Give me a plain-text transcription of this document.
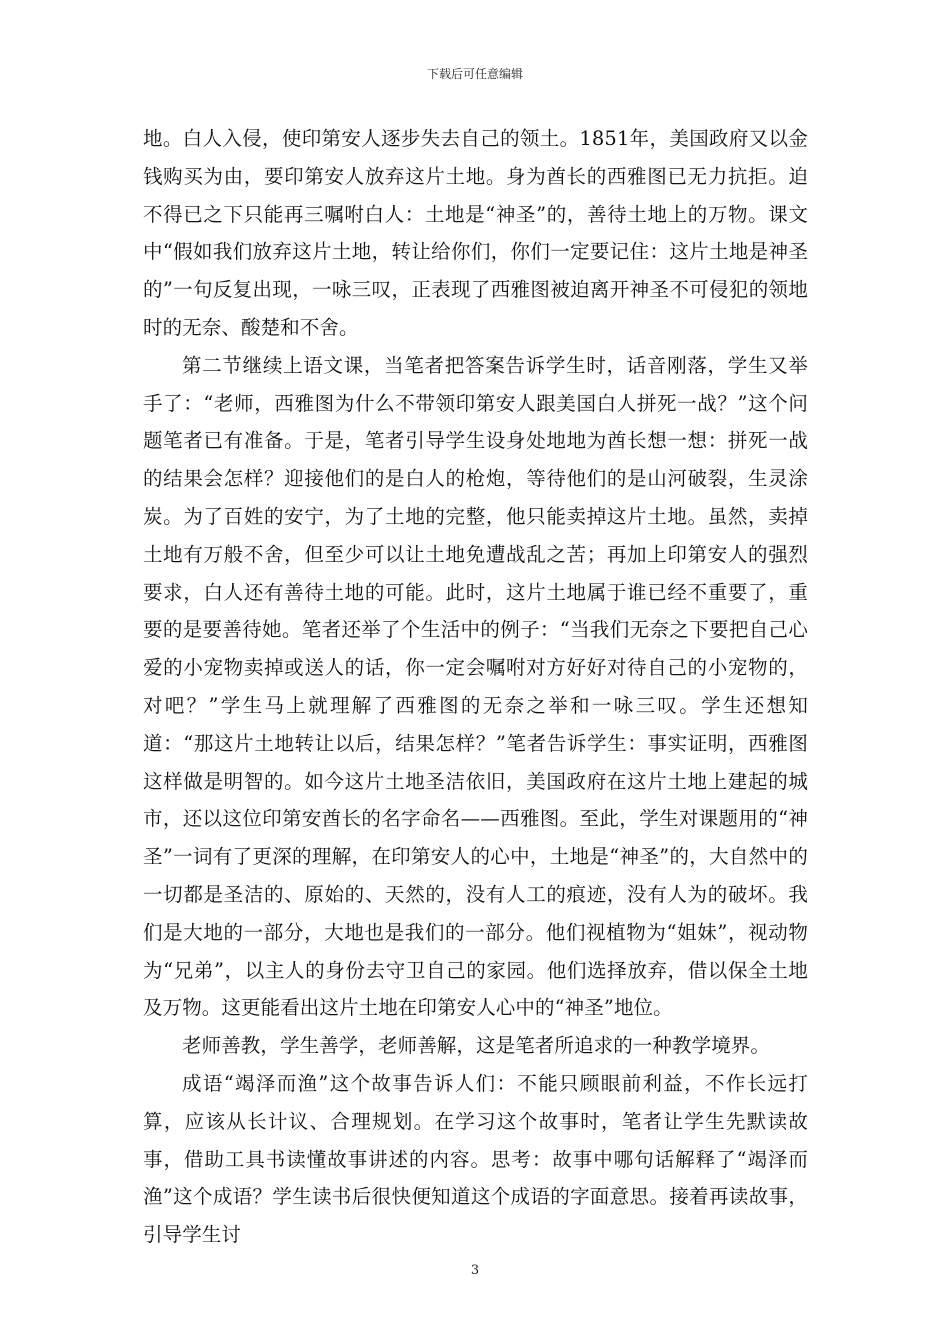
下载后可任意编辑

地。白人入侵，使印第安人逐步失去自己的领土。1851年，美国政府又以金钱购买为由，要印第安人放弃这片土地。身为酋长的西雅图已无力抗拒。迫不得已之下只能再三嘱咐白人：土地是“神圣”的，善待土地上的万物。课文中“假如我们放弃这片土地，转让给你们，你们一定要记住：这片土地是神圣的”一句反复出现，一咏三叹，正表现了西雅图被迫离开神圣不可侵犯的领地时的无奈、酸楚和不舍。

第二节继续上语文课，当笔者把答案告诉学生时，话音刚落，学生又举手了：“老师，西雅图为什么不带领印第安人跟美国白人拼死一战？”这个问题笔者已有准备。于是，笔者引导学生设身处地地为酋长想一想：拼死一战的结果会怎样？迎接他们的是白人的枪炮，等待他们的是山河破裂，生灵涂炭。为了百姓的安宁，为了土地的完整，他只能卖掉这片土地。虽然，卖掉土地有万般不舍，但至少可以让土地免遭战乱之苦；再加上印第安人的强烈要求，白人还有善待土地的可能。此时，这片土地属于谁已经不重要了，重要的是要善待她。笔者还举了个生活中的例子：“当我们无奈之下要把自己心爱的小宠物卖掉或送人的话，你一定会嘱咐对方好好对待自己的小宠物的，对吧？”学生马上就理解了西雅图的无奈之举和一咏三叹。学生还想知道：“那这片土地转让以后，结果怎样？”笔者告诉学生：事实证明，西雅图这样做是明智的。如今这片土地圣洁依旧，美国政府在这片土地上建起的城市，还以这位印第安酋长的名字命名——西雅图。至此，学生对课题用的“神圣”一词有了更深的理解，在印第安人的心中，土地是“神圣”的，大自然中的一切都是圣洁的、原始的、天然的，没有人工的痕迹，没有人为的破坏。我们是大地的一部分，大地也是我们的一部分。他们视植物为“姐妹”，视动物为“兄弟”，以主人的身份去守卫自己的家园。他们选择放弃，借以保全土地及万物。这更能看出这片土地在印第安人心中的“神圣”地位。

老师善教，学生善学，老师善解，这是笔者所追求的一种教学境界。

成语“竭泽而渔”这个故事告诉人们：不能只顾眼前利益，不作长远打算，应该从长计议、合理规划。在学习这个故事时，笔者让学生先默读故事，借助工具书读懂故事讲述的内容。思考：故事中哪句话解释了“竭泽而渔”这个成语？学生读书后很快便知道这个成语的字面意思。接着再读故事，引导学生讨

3
